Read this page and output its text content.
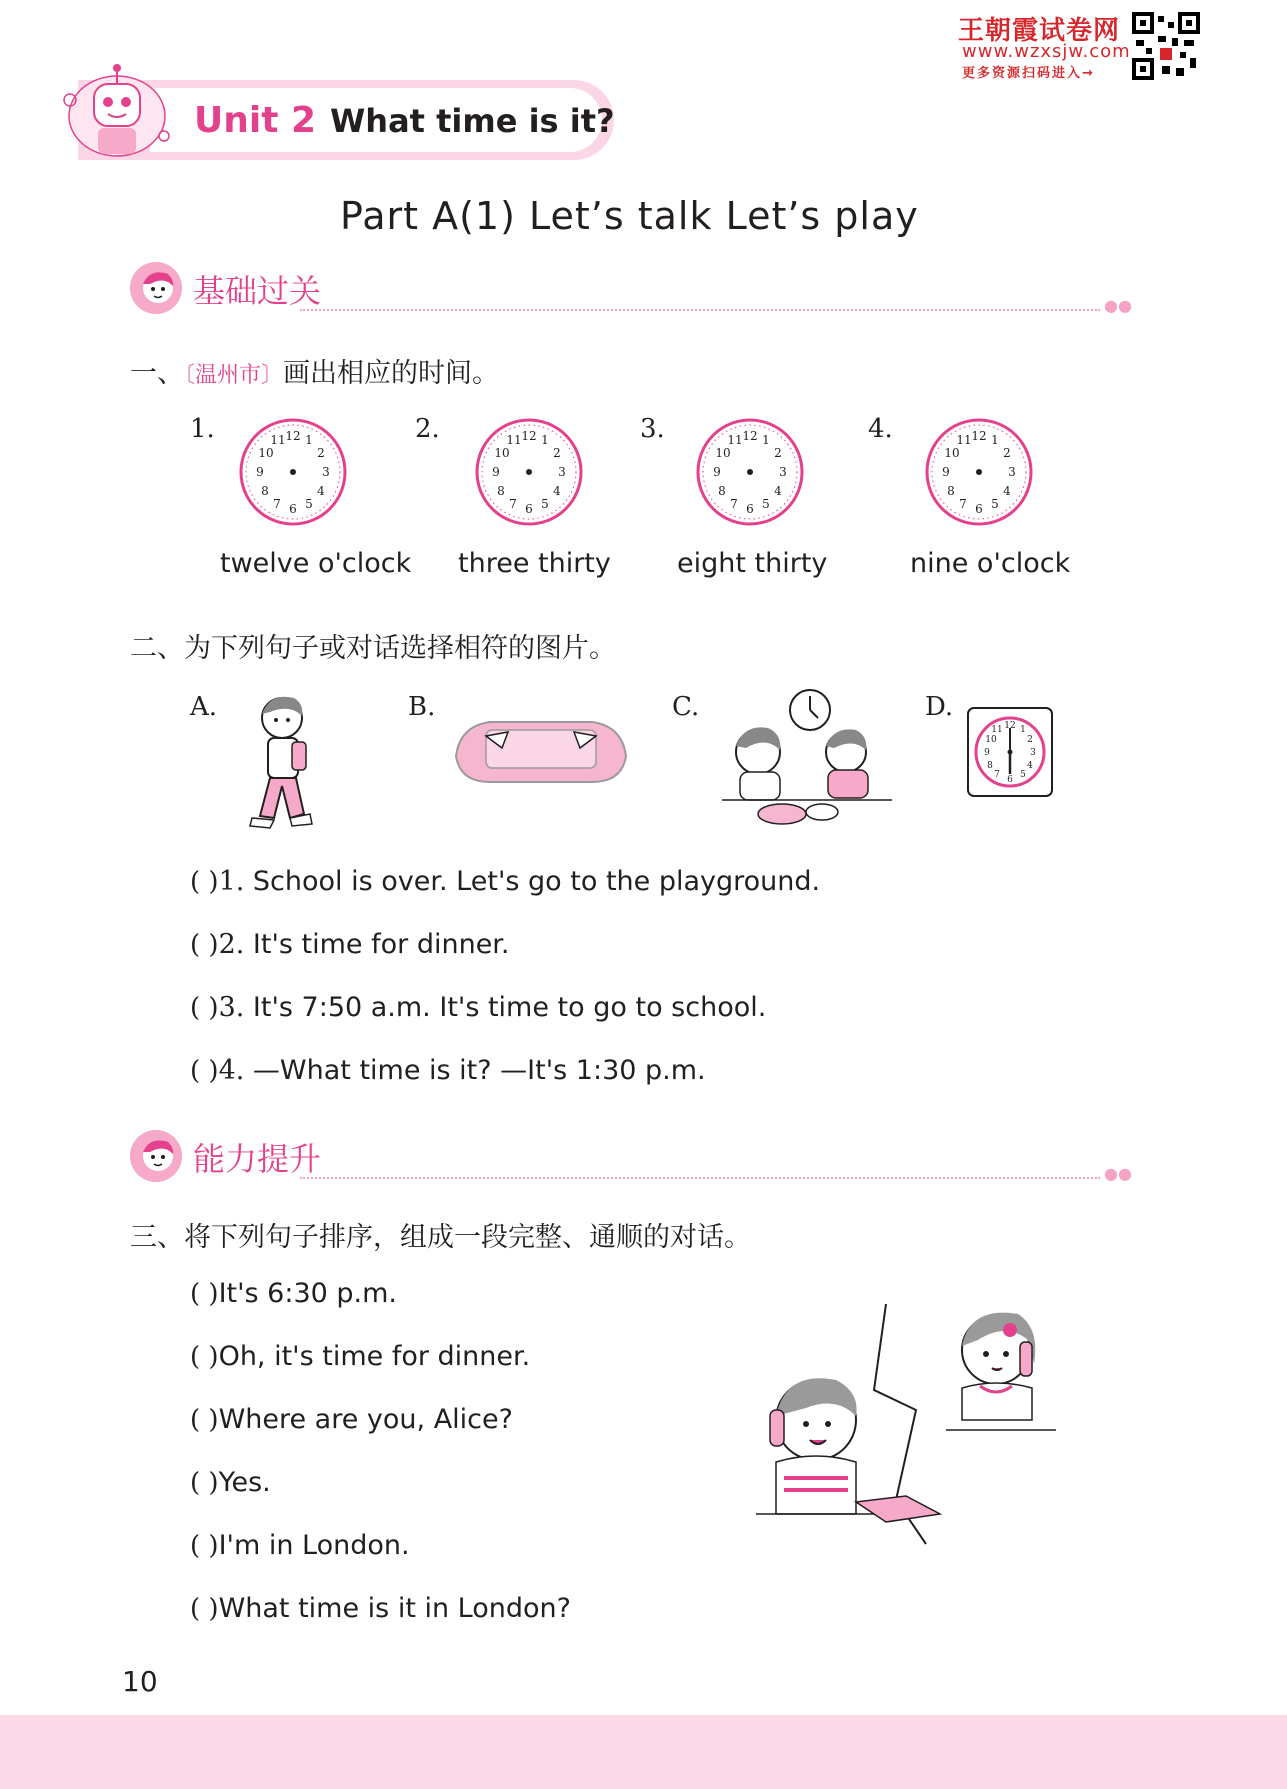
王朝霞试卷网
www.wzxsjw.com
更多资源扫码进入→
Unit 2 What time is it?
Part A(1) Let’s talk Let’s play
基础过关	●●
一、〔温州市〕画出相应的时间。
1.	2.	3.	4.
12 1
2
3
4
5
6
7
8
9
10
11	12 1
2
3
4
5
6
7
8
9
10
11	12 1
2
3
4
5
6
7
8
9
10
11	12 1
2
3
4
5
6
7
8
9
10
11
twelve o'clock three thirty eight thirty	nine o'clock
二、为下列句子或对话选择相符的图片。
A.	B.	C.	D.
12
3
6
9
1
2
4
5
7
8
10
11
( )1. School is over. Let's go to the playground.
( )2. It's time for dinner.
( )3. It's 7:50 a.m. It's time to go to school.
( )4. —What time is it? —It's 1:30 p.m.
能力提升	●●
三、将下列句子排序，组成一段完整、通顺的对话。
( )It's 6:30 p.m.
( )Oh, it's time for dinner.
( )Where are you, Alice?
( )Yes.
( )I'm in London.
( )What time is it in London?
10
